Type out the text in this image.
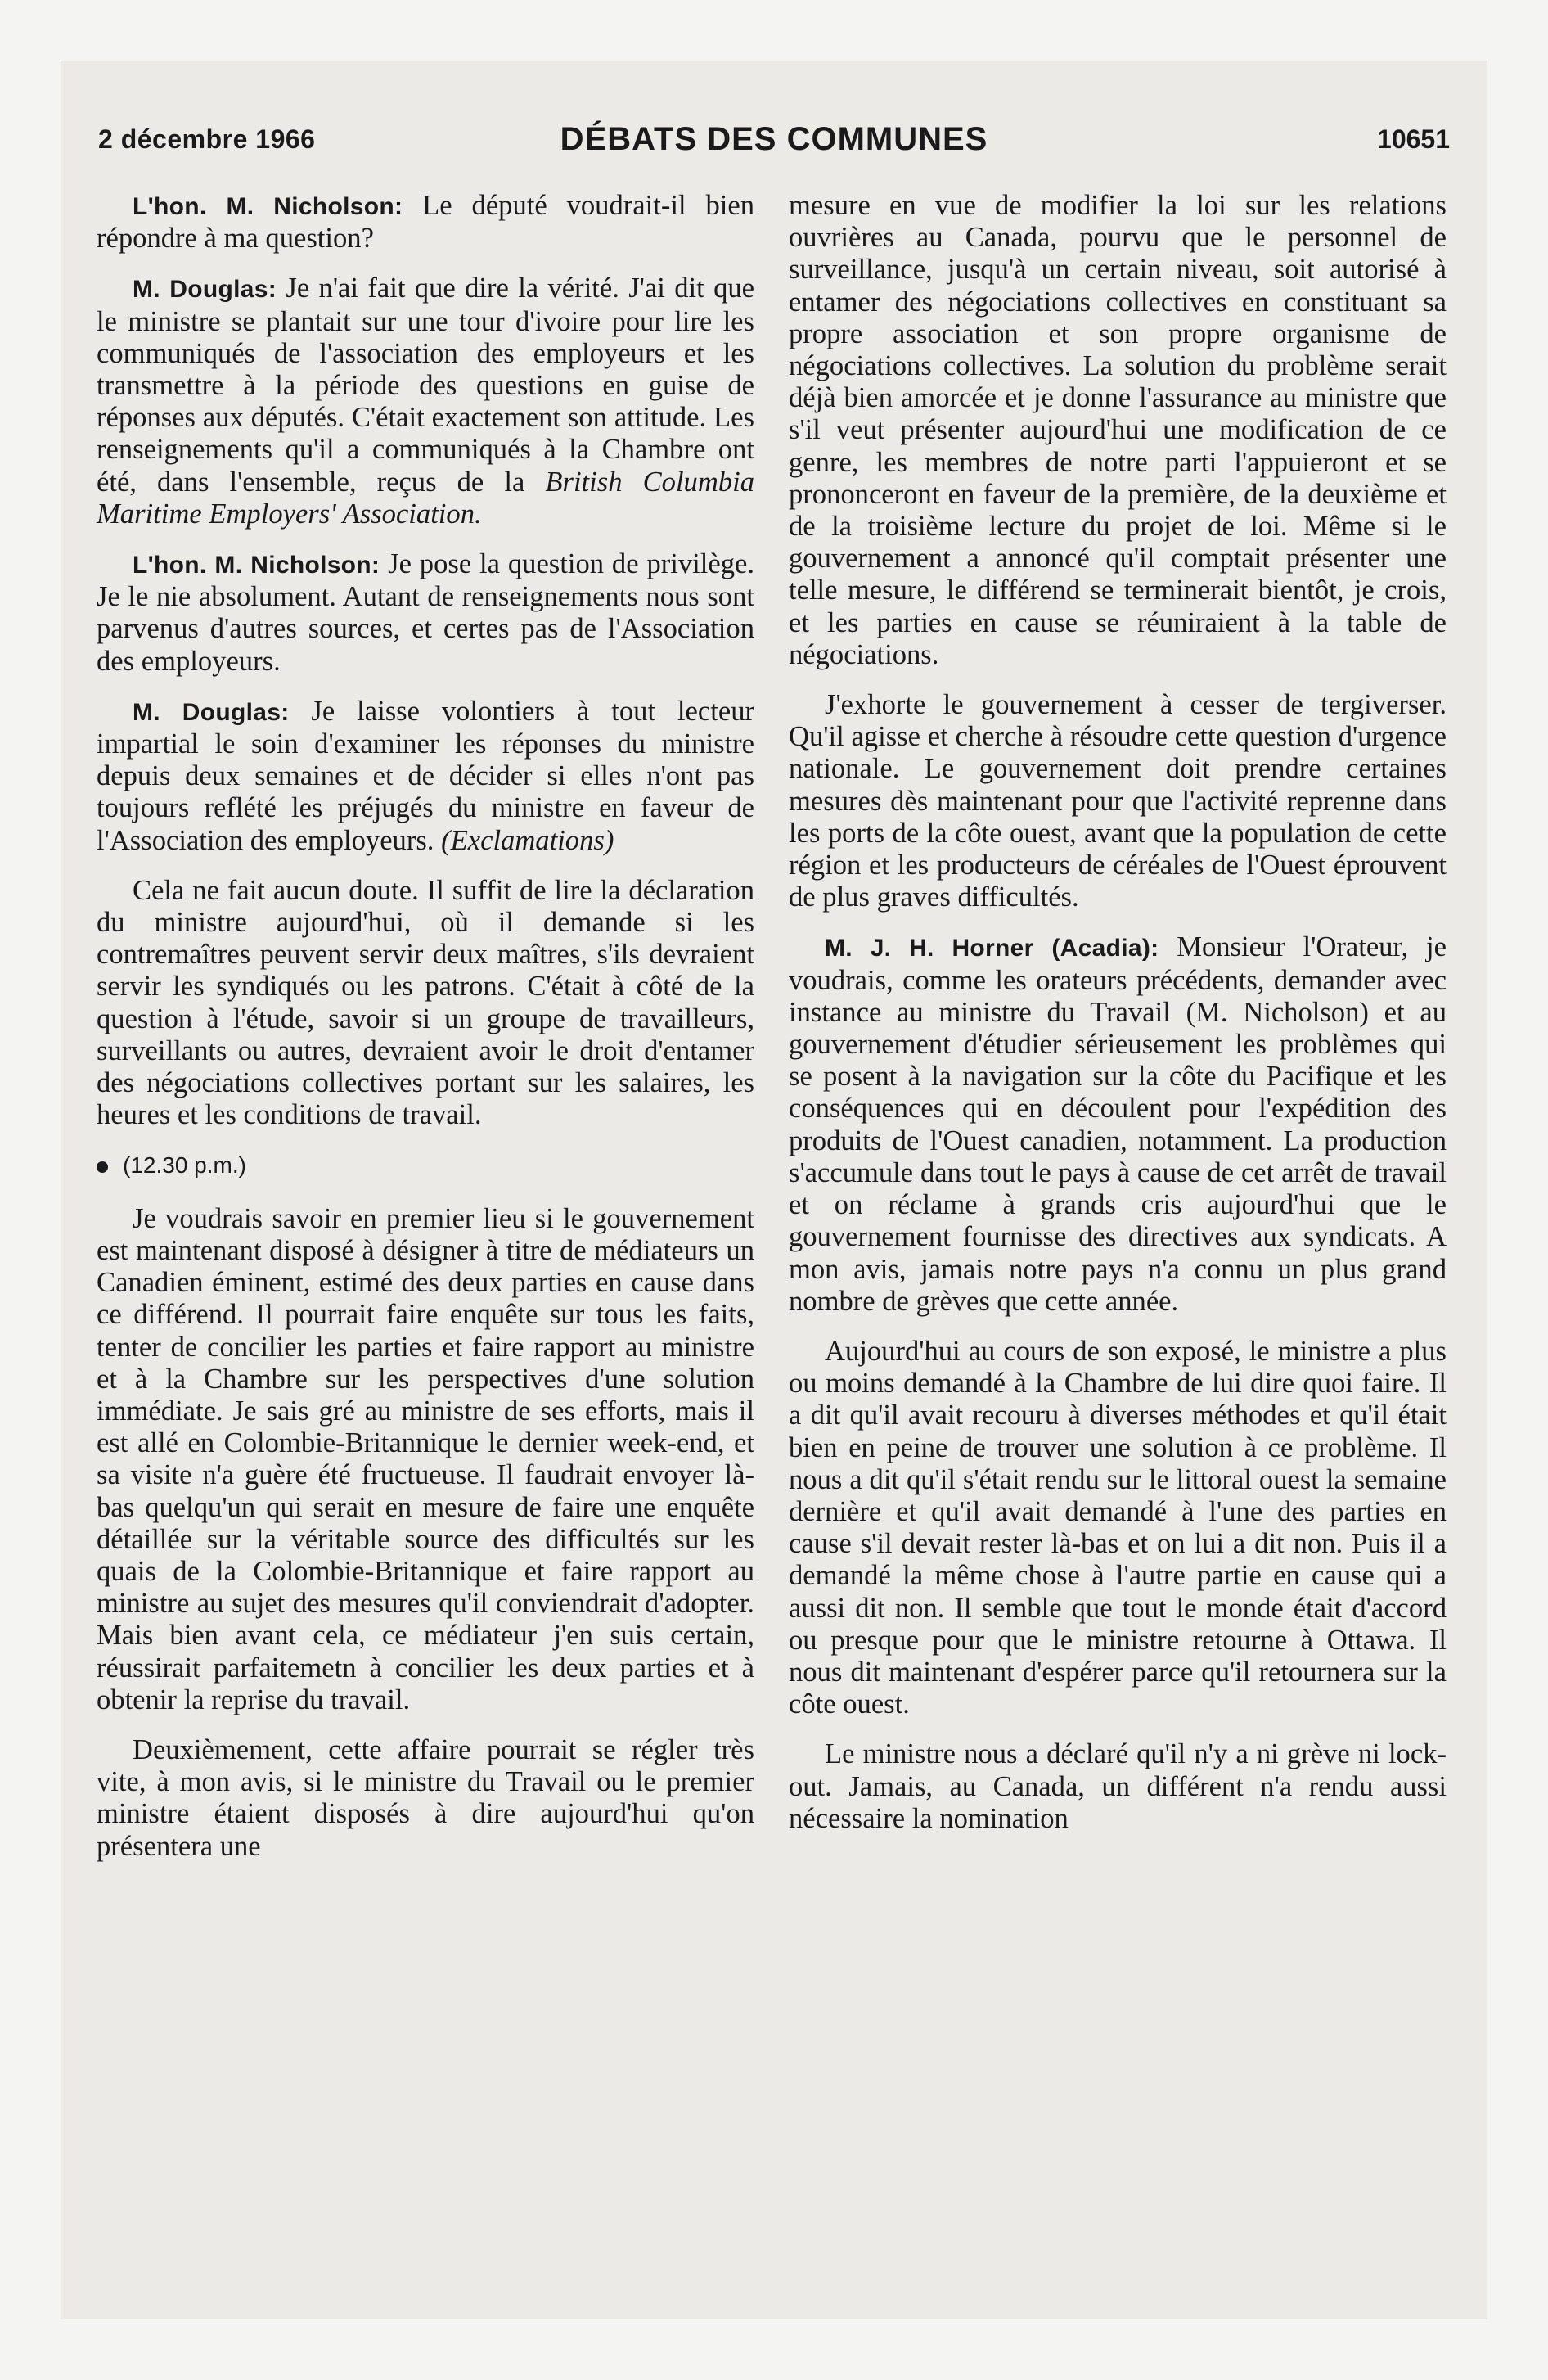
2 décembre 1966	DÉBATS DES COMMUNES	10651

L'hon. M. Nicholson: Le député voudrait-il bien répondre à ma question?

M. Douglas: Je n'ai fait que dire la vérité. J'ai dit que le ministre se plantait sur une tour d'ivoire pour lire les communiqués de l'association des employeurs et les transmettre à la période des questions en guise de réponses aux députés. C'était exactement son attitude. Les renseignements qu'il a communiqués à la Chambre ont été, dans l'ensemble, reçus de la British Columbia Maritime Employers' Association.

L'hon. M. Nicholson: Je pose la question de privilège. Je le nie absolument. Autant de renseignements nous sont parvenus d'autres sources, et certes pas de l'Association des employeurs.

M. Douglas: Je laisse volontiers à tout lecteur impartial le soin d'examiner les réponses du ministre depuis deux semaines et de décider si elles n'ont pas toujours reflété les préjugés du ministre en faveur de l'Association des employeurs. (Exclamations)

Cela ne fait aucun doute. Il suffit de lire la déclaration du ministre aujourd'hui, où il demande si les contremaîtres peuvent servir deux maîtres, s'ils devraient servir les syndiqués ou les patrons. C'était à côté de la question à l'étude, savoir si un groupe de travailleurs, surveillants ou autres, devraient avoir le droit d'entamer des négociations collectives portant sur les salaires, les heures et les conditions de travail.

(12.30 p.m.)

Je voudrais savoir en premier lieu si le gouvernement est maintenant disposé à désigner à titre de médiateurs un Canadien éminent, estimé des deux parties en cause dans ce différend. Il pourrait faire enquête sur tous les faits, tenter de concilier les parties et faire rapport au ministre et à la Chambre sur les perspectives d'une solution immédiate. Je sais gré au ministre de ses efforts, mais il est allé en Colombie-Britannique le dernier week-end, et sa visite n'a guère été fructueuse. Il faudrait envoyer là-bas quelqu'un qui serait en mesure de faire une enquête détaillée sur la véritable source des difficultés sur les quais de la Colombie-Britannique et faire rapport au ministre au sujet des mesures qu'il conviendrait d'adopter. Mais bien avant cela, ce médiateur j'en suis certain, réussirait parfaitemetn à concilier les deux parties et à obtenir la reprise du travail.

Deuxièmement, cette affaire pourrait se régler très vite, à mon avis, si le ministre du Travail ou le premier ministre étaient disposés à dire aujourd'hui qu'on présentera une

mesure en vue de modifier la loi sur les relations ouvrières au Canada, pourvu que le personnel de surveillance, jusqu'à un certain niveau, soit autorisé à entamer des négociations collectives en constituant sa propre association et son propre organisme de négociations collectives. La solution du problème serait déjà bien amorcée et je donne l'assurance au ministre que s'il veut présenter aujourd'hui une modification de ce genre, les membres de notre parti l'appuieront et se prononceront en faveur de la première, de la deuxième et de la troisième lecture du projet de loi. Même si le gouvernement a annoncé qu'il comptait présenter une telle mesure, le différend se terminerait bientôt, je crois, et les parties en cause se réuniraient à la table de négociations.

J'exhorte le gouvernement à cesser de tergiverser. Qu'il agisse et cherche à résoudre cette question d'urgence nationale. Le gouvernement doit prendre certaines mesures dès maintenant pour que l'activité reprenne dans les ports de la côte ouest, avant que la population de cette région et les producteurs de céréales de l'Ouest éprouvent de plus graves difficultés.

M. J. H. Horner (Acadia): Monsieur l'Orateur, je voudrais, comme les orateurs précédents, demander avec instance au ministre du Travail (M. Nicholson) et au gouvernement d'étudier sérieusement les problèmes qui se posent à la navigation sur la côte du Pacifique et les conséquences qui en découlent pour l'expédition des produits de l'Ouest canadien, notamment. La production s'accumule dans tout le pays à cause de cet arrêt de travail et on réclame à grands cris aujourd'hui que le gouvernement fournisse des directives aux syndicats. A mon avis, jamais notre pays n'a connu un plus grand nombre de grèves que cette année.

Aujourd'hui au cours de son exposé, le ministre a plus ou moins demandé à la Chambre de lui dire quoi faire. Il a dit qu'il avait recouru à diverses méthodes et qu'il était bien en peine de trouver une solution à ce problème. Il nous a dit qu'il s'était rendu sur le littoral ouest la semaine dernière et qu'il avait demandé à l'une des parties en cause s'il devait rester là-bas et on lui a dit non. Puis il a demandé la même chose à l'autre partie en cause qui a aussi dit non. Il semble que tout le monde était d'accord ou presque pour que le ministre retourne à Ottawa. Il nous dit maintenant d'espérer parce qu'il retournera sur la côte ouest.

Le ministre nous a déclaré qu'il n'y a ni grève ni lock-out. Jamais, au Canada, un différent n'a rendu aussi nécessaire la nomination
